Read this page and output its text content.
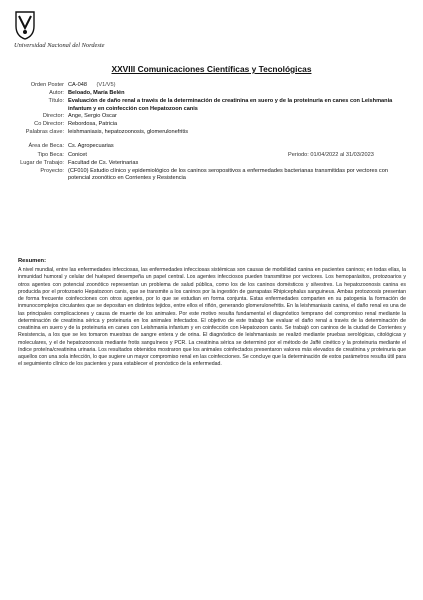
Universidad Nacional del Nordeste
XXVIII Comunicaciones Científicas y Tecnológicas
Orden Poster CA-048 (V1/V5)
Autor: Beloado, María Belén
Título: Evaluación de daño renal a través de la determinación de creatinina en suero y de la proteinuria en canes con Leishmania infantum y en coinfección con Hepatozoon canis
Director: Ange, Sergio Oscar
Co Director: Rebordosa, Patricia
Palabras clave: leishmaniasis, hepatozoonosis, glomerulonefritis
Área de Beca: Cs. Agropecuarias
Tipo Beca: Conicet	Periodo: 01/04/2022 al 31/03/2023
Lugar de Trabajo: Facultad de Cs. Veterinarias
Proyecto: (CF010) Estudio clínico y epidemiológico de los caninos seropositivos a enfermedades bacterianas transmitidas por vectores con potencial zoonótico en Corrientes y Resistencia
Resumen:
A nivel mundial, entre las enfermedades infecciosas, las enfermedades infecciosas sistémicas son causas de morbilidad canina en pacientes caninos; en todas ellas, la inmunidad humoral y celular del huésped desempeña un papel central. Los agentes infecciosos pueden transmitirse por vectores. Los hemoparásitos, protozoarios y otros agentes con potencial zoonótico representan un problema de salud pública, como los de los caninos domésticos y silvestres. La hepatozoonosis canina es producida por el protozoario Hepatozoon canis, que se transmite a los caninos por la ingestión de garrapatas Rhipicephalus sanguineus. Ambas protozoosis presentan de forma frecuente coinfecciones con otros agentes, por lo que se estudian en forma conjunta. Estas enfermedades comparten en su patogenia la formación de inmunocomplejos circulantes que se depositan en distintos tejidos, entre ellos el riñón, generando glomerulonefritis. En la leishmaniasis canina, el daño renal es una de las principales complicaciones y causa de muerte de los animales. Por este motivo resulta fundamental el diagnóstico temprano del compromiso renal mediante la determinación de creatinina sérica y proteinuria en los animales infectados. El objetivo de este trabajo fue evaluar el daño renal a través de la determinación de creatinina en suero y de la proteinuria en canes con Leishmania infantum y en coinfección con Hepatozoon canis. Se trabajó con caninos de la ciudad de Corrientes y Resistencia, a los que se les tomaron muestras de sangre entera y de orina. El diagnóstico de leishmaniasis se realizó mediante pruebas serológicas, citológicas y moleculares, y el de hepatozoonosis mediante frotis sanguíneos y PCR. La creatinina sérica se determinó por el método de Jaffé cinético y la proteinuria mediante el índice proteína/creatinina urinaria. Los resultados obtenidos mostraron que los animales coinfectados presentaron valores más elevados de creatinina y proteinuria que aquellos con una sola infección, lo que sugiere un mayor compromiso renal en las coinfecciones. Se concluye que la determinación de estos parámetros resulta útil para el seguimiento clínico de los pacientes y para establecer el pronóstico de la enfermedad.
